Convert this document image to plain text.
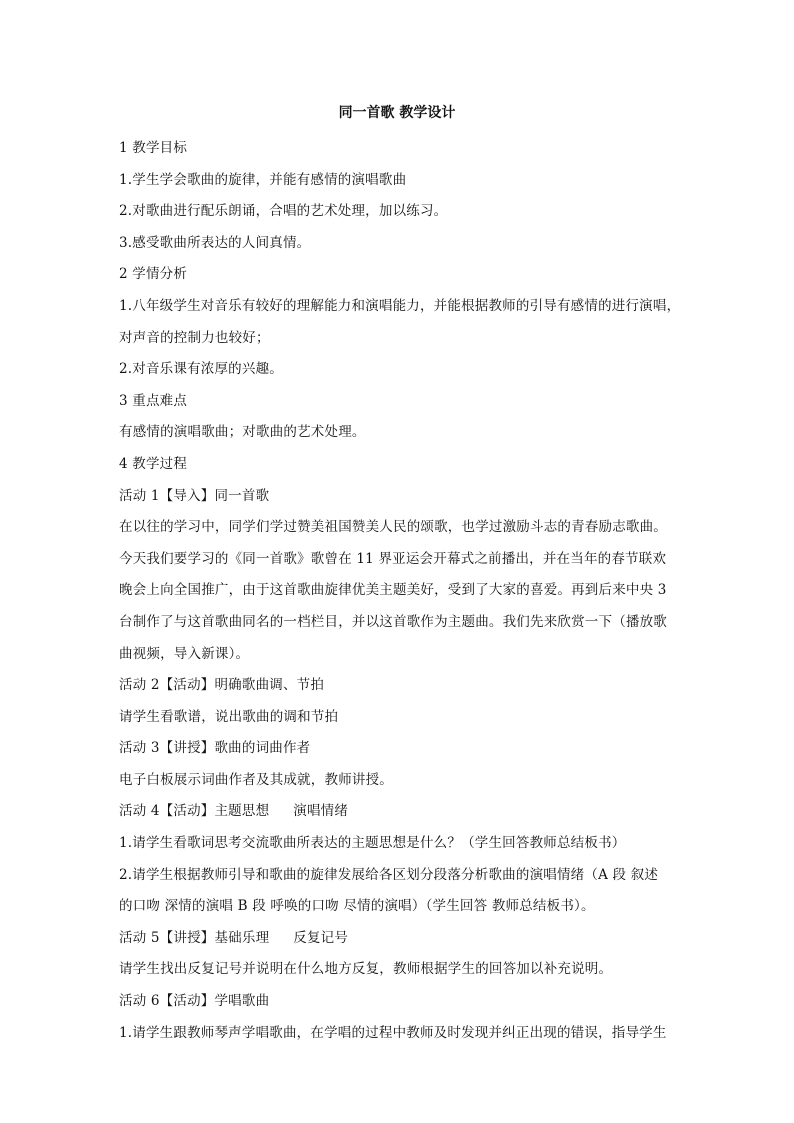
同一首歌 教学设计
1 教学目标
1.学生学会歌曲的旋律，并能有感情的演唱歌曲
2.对歌曲进行配乐朗诵，合唱的艺术处理，加以练习。
3.感受歌曲所表达的人间真情。
2 学情分析
1.八年级学生对音乐有较好的理解能力和演唱能力，并能根据教师的引导有感情的进行演唱，
对声音的控制力也较好；
2.对音乐课有浓厚的兴趣。
3 重点难点
有感情的演唱歌曲；对歌曲的艺术处理。
4 教学过程
活动 1【导入】同一首歌
在以往的学习中，同学们学过赞美祖国赞美人民的颂歌，也学过激励斗志的青春励志歌曲。
今天我们要学习的《同一首歌》歌曾在 11 界亚运会开幕式之前播出，并在当年的春节联欢
晚会上向全国推广，由于这首歌曲旋律优美主题美好，受到了大家的喜爱。再到后来中央 3
台制作了与这首歌曲同名的一档栏目，并以这首歌作为主题曲。我们先来欣赏一下（播放歌
曲视频，导入新课）。
活动 2【活动】明确歌曲调、节拍
请学生看歌谱，说出歌曲的调和节拍
活动 3【讲授】歌曲的词曲作者
电子白板展示词曲作者及其成就，教师讲授。
活动 4【活动】主题思想 演唱情绪
1.请学生看歌词思考交流歌曲所表达的主题思想是什么？（学生回答教师总结板书）
2.请学生根据教师引导和歌曲的旋律发展给各区划分段落分析歌曲的演唱情绪（A 段 叙述
的口吻 深情的演唱 B 段 呼唤的口吻 尽情的演唱）（学生回答 教师总结板书）。
活动 5【讲授】基础乐理 反复记号
请学生找出反复记号并说明在什么地方反复，教师根据学生的回答加以补充说明。
活动 6【活动】学唱歌曲
1.请学生跟教师琴声学唱歌曲，在学唱的过程中教师及时发现并纠正出现的错误，指导学生
